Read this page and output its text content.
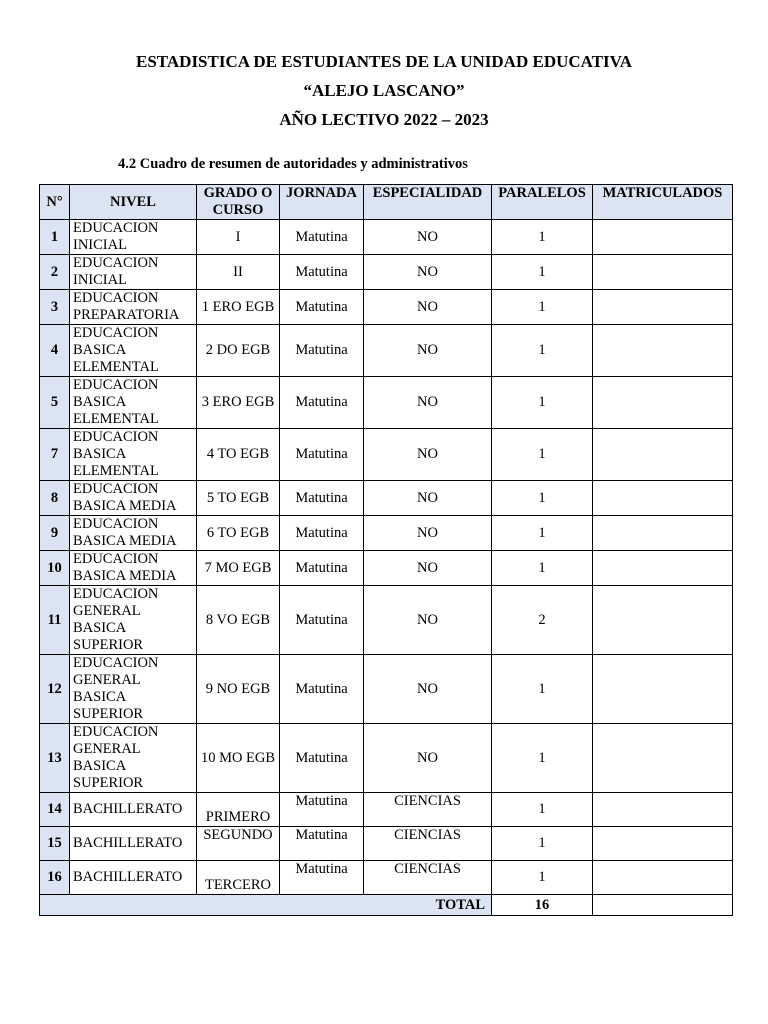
ESTADISTICA DE ESTUDIANTES DE LA UNIDAD EDUCATIVA
“ALEJO LASCANO”
AÑO LECTIVO 2022 – 2023
4.2 Cuadro de resumen de autoridades y administrativos
N°	NIVEL	GRADO O CURSO	JORNADA	ESPECIALIDAD	PARALELOS	MATRICULADOS
1	EDUCACION INICIAL	I	Matutina	NO	1	
2	EDUCACION INICIAL	II	Matutina	NO	1	
3	EDUCACION PREPARATORIA	1 ERO EGB	Matutina	NO	1	
4	EDUCACION BASICA ELEMENTAL	2 DO EGB	Matutina	NO	1	
5	EDUCACION BASICA ELEMENTAL	3 ERO EGB	Matutina	NO	1	
7	EDUCACION BASICA ELEMENTAL	4 TO EGB	Matutina	NO	1	
8	EDUCACION BASICA MEDIA	5 TO EGB	Matutina	NO	1	
9	EDUCACION BASICA MEDIA	6 TO EGB	Matutina	NO	1	
10	EDUCACION BASICA MEDIA	7 MO EGB	Matutina	NO	1	
11	EDUCACION GENERAL BASICA SUPERIOR	8 VO EGB	Matutina	NO	2	
12	EDUCACION GENERAL BASICA SUPERIOR	9 NO EGB	Matutina	NO	1	
13	EDUCACION GENERAL BASICA SUPERIOR	10 MO EGB	Matutina	NO	1	
14	BACHILLERATO	PRIMERO	Matutina	CIENCIAS	1	
15	BACHILLERATO	SEGUNDO	Matutina	CIENCIAS	1	
16	BACHILLERATO	TERCERO	Matutina	CIENCIAS	1	
TOTAL					16	
